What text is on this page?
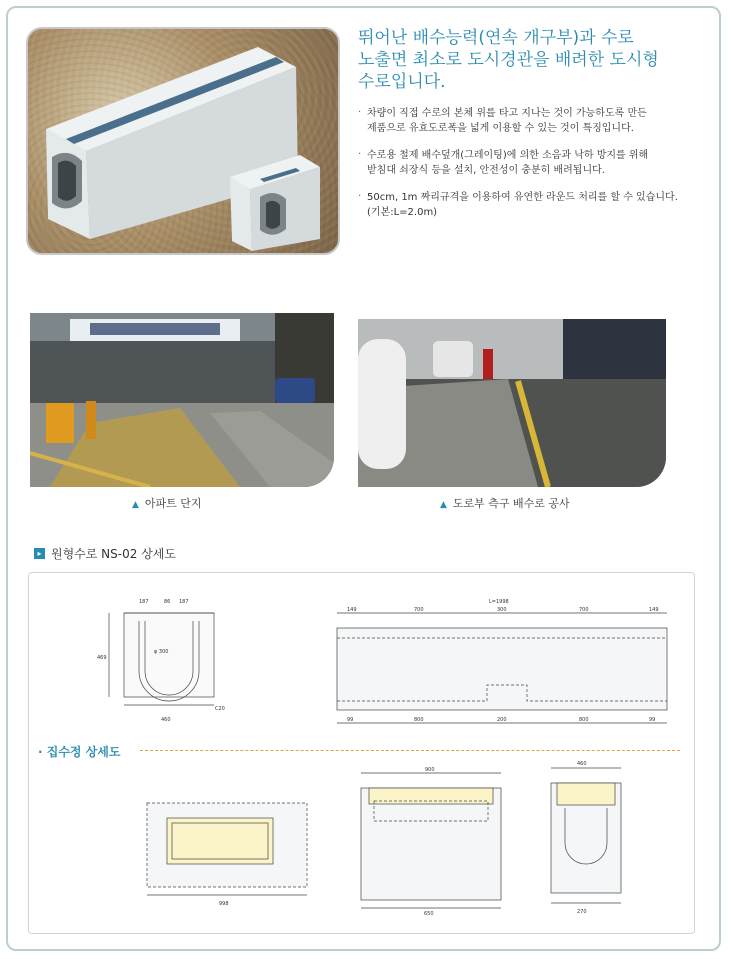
뛰어난 배수능력(연속 개구부)과 수로
노출면 최소로 도시경관을 배려한 도시형
수로입니다.
· 차량이 직접 수로의 본체 위를 타고 지나는 것이 가능하도록 만든
제품으로 유효도로폭을 넓게 이용할 수 있는 것이 특징입니다.
· 수로용 철제 배수덮개(그레이팅)에 의한 소음과 낙하 방지를 위해
받침대 쇠장식 등을 설치, 안전성이 충분히 배려됩니다.
· 50cm, 1m 짜리규격을 이용하여 유연한 라운드 처리를 할 수 있습니다.
(기본:L=2.0m)
▲ 아파트 단지	▲ 도로부 측구 배수로 공사
▸ 원형수로 NS-02 상세도
187	86 187
φ 300
469
460
C20
L=1998
149	700	300	700	149
99	800	200	800	99
998
900
650
460
270
· 집수정 상세도
